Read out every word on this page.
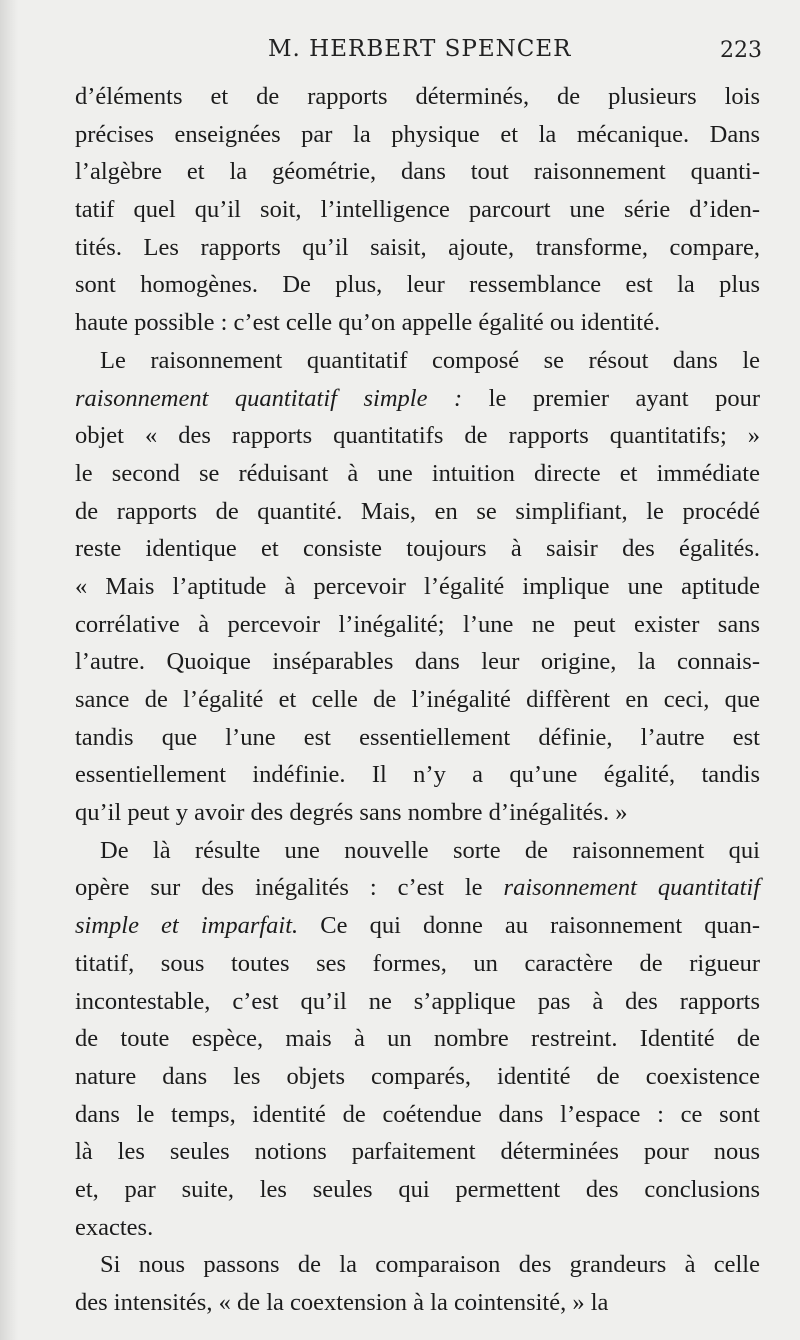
M. HERBERT SPENCER	223
d’éléments et de rapports déterminés, de plusieurs lois
précises enseignées par la physique et la mécanique. Dans
l’algèbre et la géométrie, dans tout raisonnement quanti-
tatif quel qu’il soit, l’intelligence parcourt une série d’iden-
tités. Les rapports qu’il saisit, ajoute, transforme, compare,
sont homogènes. De plus, leur ressemblance est la plus
haute possible : c’est celle qu’on appelle égalité ou identité.
Le raisonnement quantitatif composé se résout dans le
raisonnement quantitatif simple : le premier ayant pour
objet « des rapports quantitatifs de rapports quantitatifs; »
le second se réduisant à une intuition directe et immédiate
de rapports de quantité. Mais, en se simplifiant, le procédé
reste identique et consiste toujours à saisir des égalités.
« Mais l’aptitude à percevoir l’égalité implique une aptitude
corrélative à percevoir l’inégalité; l’une ne peut exister sans
l’autre. Quoique inséparables dans leur origine, la connais-
sance de l’égalité et celle de l’inégalité diffèrent en ceci, que
tandis que l’une est essentiellement définie, l’autre est
essentiellement indéfinie. Il n’y a qu’une égalité, tandis
qu’il peut y avoir des degrés sans nombre d’inégalités. »
De là résulte une nouvelle sorte de raisonnement qui
opère sur des inégalités : c’est le raisonnement quantitatif
simple et imparfait. Ce qui donne au raisonnement quan-
titatif, sous toutes ses formes, un caractère de rigueur
incontestable, c’est qu’il ne s’applique pas à des rapports
de toute espèce, mais à un nombre restreint. Identité de
nature dans les objets comparés, identité de coexistence
dans le temps, identité de coétendue dans l’espace : ce sont
là les seules notions parfaitement déterminées pour nous
et, par suite, les seules qui permettent des conclusions
exactes.
Si nous passons de la comparaison des grandeurs à celle
des intensités, « de la coextension à la cointensité, » la
